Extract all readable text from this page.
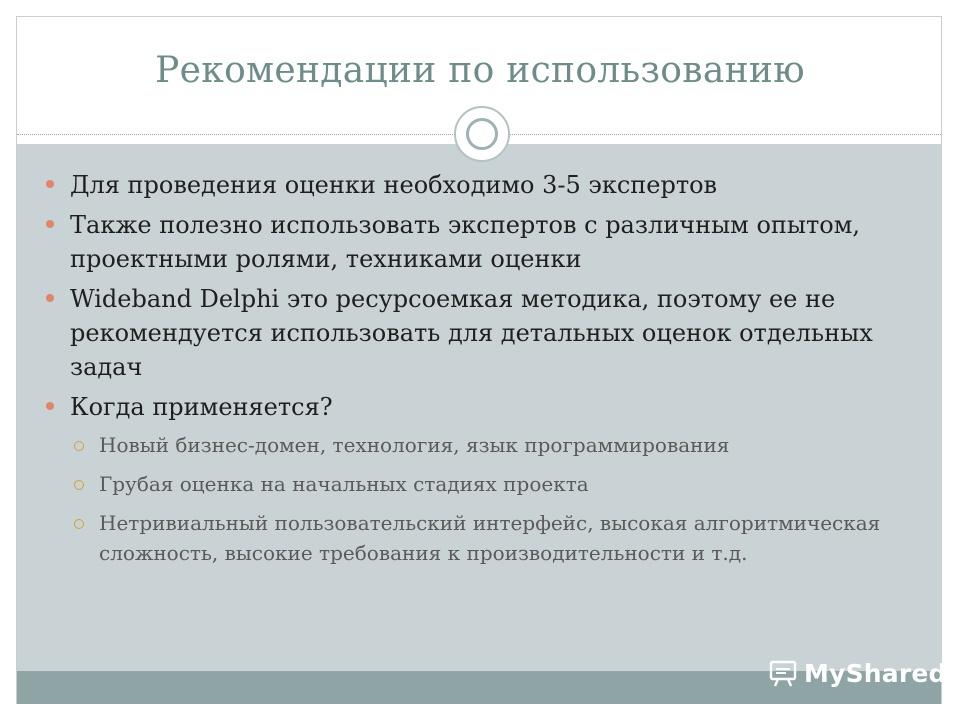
Рекомендации по использованию
Для проведения оценки необходимо 3-5 экспертов
Также полезно использовать экспертов с различным опытом, проектными ролями, техниками оценки
Wideband Delphi это ресурсоемкая методика, поэтому ее не рекомендуется использовать для детальных оценок отдельных задач
Когда применяется?
Новый бизнес-домен, технология, язык программирования
Грубая оценка на начальных стадиях проекта
Нетривиальный пользовательский интерфейс, высокая алгоритмическая сложность, высокие требования к производительности и т.д.
MyShared
